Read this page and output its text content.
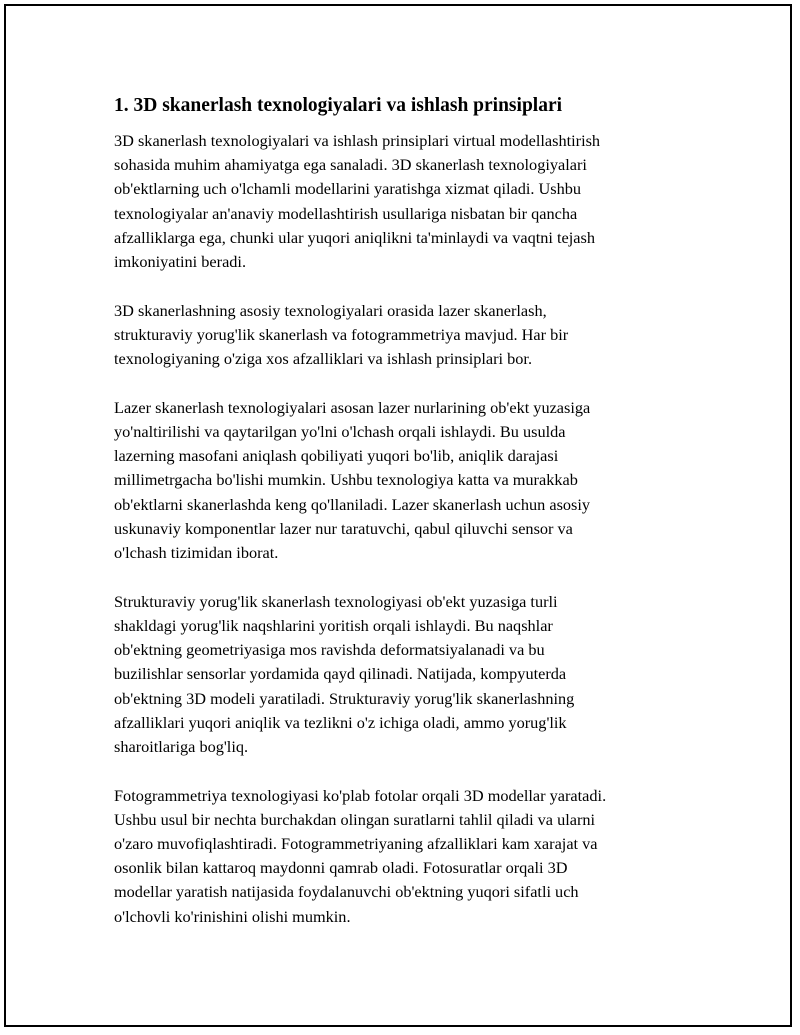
1. 3D skanerlash texnologiyalari va ishlash prinsiplari

3D skanerlash texnologiyalari va ishlash prinsiplari virtual modellashtirish
sohasida muhim ahamiyatga ega sanaladi. 3D skanerlash texnologiyalari
ob'ektlarning uch o'lchamli modellarini yaratishga xizmat qiladi. Ushbu
texnologiyalar an'anaviy modellashtirish usullariga nisbatan bir qancha
afzalliklarga ega, chunki ular yuqori aniqlikni ta'minlaydi va vaqtni tejash
imkoniyatini beradi.

3D skanerlashning asosiy texnologiyalari orasida lazer skanerlash,
strukturaviy yorug'lik skanerlash va fotogrammetriya mavjud. Har bir
texnologiyaning o'ziga xos afzalliklari va ishlash prinsiplari bor.

Lazer skanerlash texnologiyalari asosan lazer nurlarining ob'ekt yuzasiga
yo'naltirilishi va qaytarilgan yo'lni o'lchash orqali ishlaydi. Bu usulda
lazerning masofani aniqlash qobiliyati yuqori bo'lib, aniqlik darajasi
millimetrgacha bo'lishi mumkin. Ushbu texnologiya katta va murakkab
ob'ektlarni skanerlashda keng qo'llaniladi. Lazer skanerlash uchun asosiy
uskunaviy komponentlar lazer nur taratuvchi, qabul qiluvchi sensor va
o'lchash tizimidan iborat.

Strukturaviy yorug'lik skanerlash texnologiyasi ob'ekt yuzasiga turli
shakldagi yorug'lik naqshlarini yoritish orqali ishlaydi. Bu naqshlar
ob'ektning geometriyasiga mos ravishda deformatsiyalanadi va bu
buzilishlar sensorlar yordamida qayd qilinadi. Natijada, kompyuterda
ob'ektning 3D modeli yaratiladi. Strukturaviy yorug'lik skanerlashning
afzalliklari yuqori aniqlik va tezlikni o'z ichiga oladi, ammo yorug'lik
sharoitlariga bog'liq.

Fotogrammetriya texnologiyasi ko'plab fotolar orqali 3D modellar yaratadi.
Ushbu usul bir nechta burchakdan olingan suratlarni tahlil qiladi va ularni
o'zaro muvofiqlashtiradi. Fotogrammetriyaning afzalliklari kam xarajat va
osonlik bilan kattaroq maydonni qamrab oladi. Fotosuratlar orqali 3D
modellar yaratish natijasida foydalanuvchi ob'ektning yuqori sifatli uch
o'lchovli ko'rinishini olishi mumkin.
